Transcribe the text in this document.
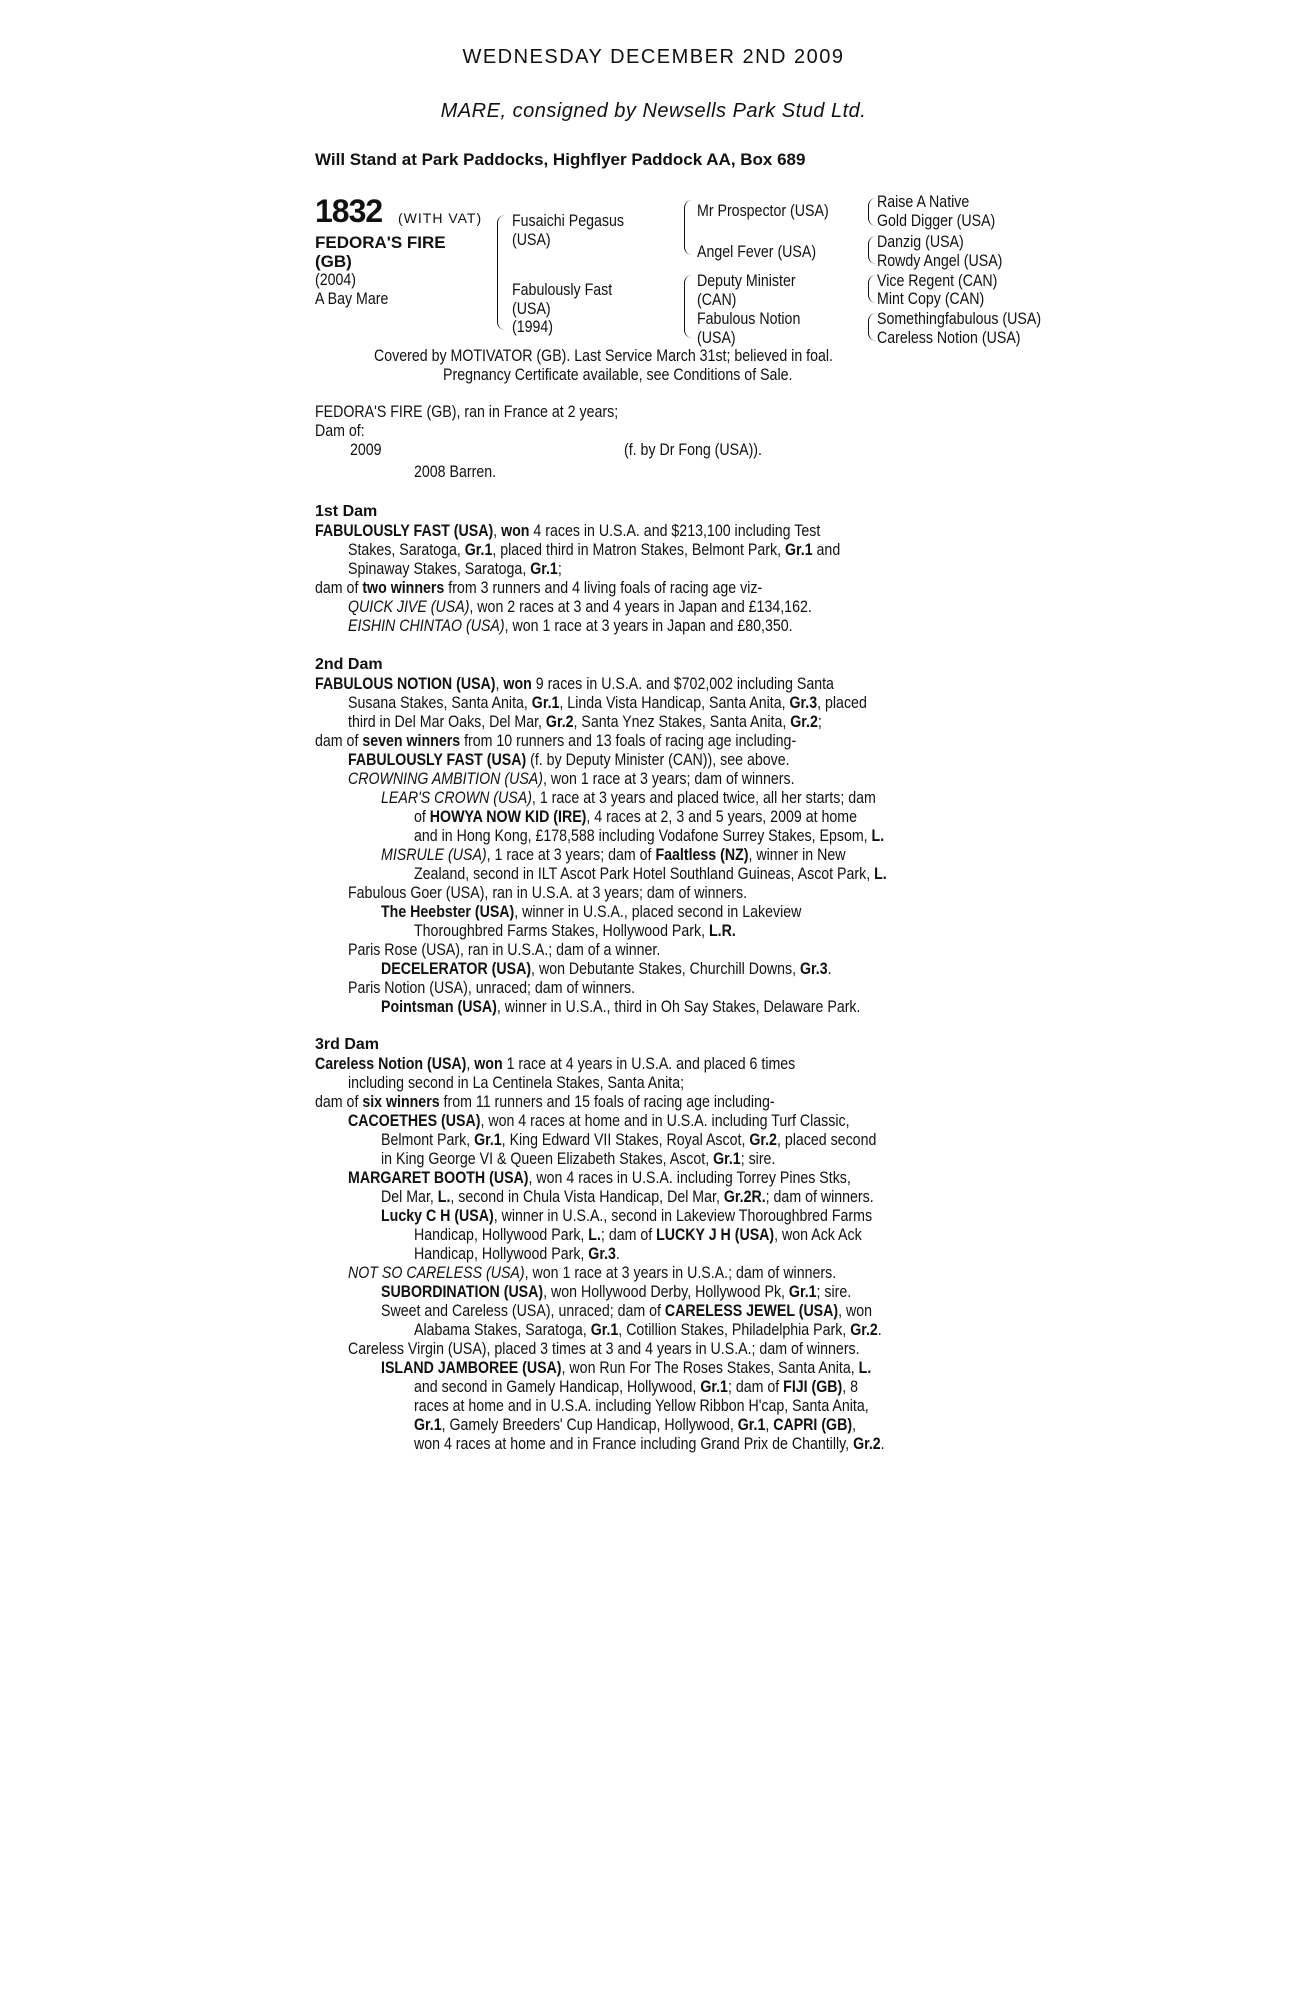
WEDNESDAY DECEMBER 2ND 2009
MARE, consigned by Newsells Park Stud Ltd.
Will Stand at Park Paddocks, Highflyer Paddock AA, Box 689
1832 (WITH VAT)
FEDORA'S FIRE
(GB)
(2004)
A Bay Mare
Fusaichi Pegasus
(USA)
Fabulously Fast
(USA)
(1994)
Mr Prospector (USA)
Angel Fever (USA)
Deputy Minister
(CAN)
Fabulous Notion
(USA)
Raise A Native
Gold Digger (USA)
Danzig (USA)
Rowdy Angel (USA)
Vice Regent (CAN)
Mint Copy (CAN)
Somethingfabulous (USA)
Careless Notion (USA)
Covered by MOTIVATOR (GB). Last Service March 31st; believed in foal.
Pregnancy Certificate available, see Conditions of Sale.
FEDORA'S FIRE (GB), ran in France at 2 years;
Dam of:
2009	(f. by Dr Fong (USA)).
2008 Barren.
1st Dam
FABULOUSLY FAST (USA), won 4 races in U.S.A. and $213,100 including Test
Stakes, Saratoga, Gr.1, placed third in Matron Stakes, Belmont Park, Gr.1 and
Spinaway Stakes, Saratoga, Gr.1;
dam of two winners from 3 runners and 4 living foals of racing age viz-
QUICK JIVE (USA), won 2 races at 3 and 4 years in Japan and £134,162.
EISHIN CHINTAO (USA), won 1 race at 3 years in Japan and £80,350.
2nd Dam
FABULOUS NOTION (USA), won 9 races in U.S.A. and $702,002 including Santa
Susana Stakes, Santa Anita, Gr.1, Linda Vista Handicap, Santa Anita, Gr.3, placed
third in Del Mar Oaks, Del Mar, Gr.2, Santa Ynez Stakes, Santa Anita, Gr.2;
dam of seven winners from 10 runners and 13 foals of racing age including-
FABULOUSLY FAST (USA) (f. by Deputy Minister (CAN)), see above.
CROWNING AMBITION (USA), won 1 race at 3 years; dam of winners.
LEAR'S CROWN (USA), 1 race at 3 years and placed twice, all her starts; dam
of HOWYA NOW KID (IRE), 4 races at 2, 3 and 5 years, 2009 at home
and in Hong Kong, £178,588 including Vodafone Surrey Stakes, Epsom, L.
MISRULE (USA), 1 race at 3 years; dam of Faaltless (NZ), winner in New
Zealand, second in ILT Ascot Park Hotel Southland Guineas, Ascot Park, L.
Fabulous Goer (USA), ran in U.S.A. at 3 years; dam of winners.
The Heebster (USA), winner in U.S.A., placed second in Lakeview
Thoroughbred Farms Stakes, Hollywood Park, L.R.
Paris Rose (USA), ran in U.S.A.; dam of a winner.
DECELERATOR (USA), won Debutante Stakes, Churchill Downs, Gr.3.
Paris Notion (USA), unraced; dam of winners.
Pointsman (USA), winner in U.S.A., third in Oh Say Stakes, Delaware Park.
3rd Dam
Careless Notion (USA), won 1 race at 4 years in U.S.A. and placed 6 times
including second in La Centinela Stakes, Santa Anita;
dam of six winners from 11 runners and 15 foals of racing age including-
CACOETHES (USA), won 4 races at home and in U.S.A. including Turf Classic,
Belmont Park, Gr.1, King Edward VII Stakes, Royal Ascot, Gr.2, placed second
in King George VI & Queen Elizabeth Stakes, Ascot, Gr.1; sire.
MARGARET BOOTH (USA), won 4 races in U.S.A. including Torrey Pines Stks,
Del Mar, L., second in Chula Vista Handicap, Del Mar, Gr.2R.; dam of winners.
Lucky C H (USA), winner in U.S.A., second in Lakeview Thoroughbred Farms
Handicap, Hollywood Park, L.; dam of LUCKY J H (USA), won Ack Ack
Handicap, Hollywood Park, Gr.3.
NOT SO CARELESS (USA), won 1 race at 3 years in U.S.A.; dam of winners.
SUBORDINATION (USA), won Hollywood Derby, Hollywood Pk, Gr.1; sire.
Sweet and Careless (USA), unraced; dam of CARELESS JEWEL (USA), won
Alabama Stakes, Saratoga, Gr.1, Cotillion Stakes, Philadelphia Park, Gr.2.
Careless Virgin (USA), placed 3 times at 3 and 4 years in U.S.A.; dam of winners.
ISLAND JAMBOREE (USA), won Run For The Roses Stakes, Santa Anita, L.
and second in Gamely Handicap, Hollywood, Gr.1; dam of FIJI (GB), 8
races at home and in U.S.A. including Yellow Ribbon H'cap, Santa Anita,
Gr.1, Gamely Breeders' Cup Handicap, Hollywood, Gr.1, CAPRI (GB),
won 4 races at home and in France including Grand Prix de Chantilly, Gr.2.
